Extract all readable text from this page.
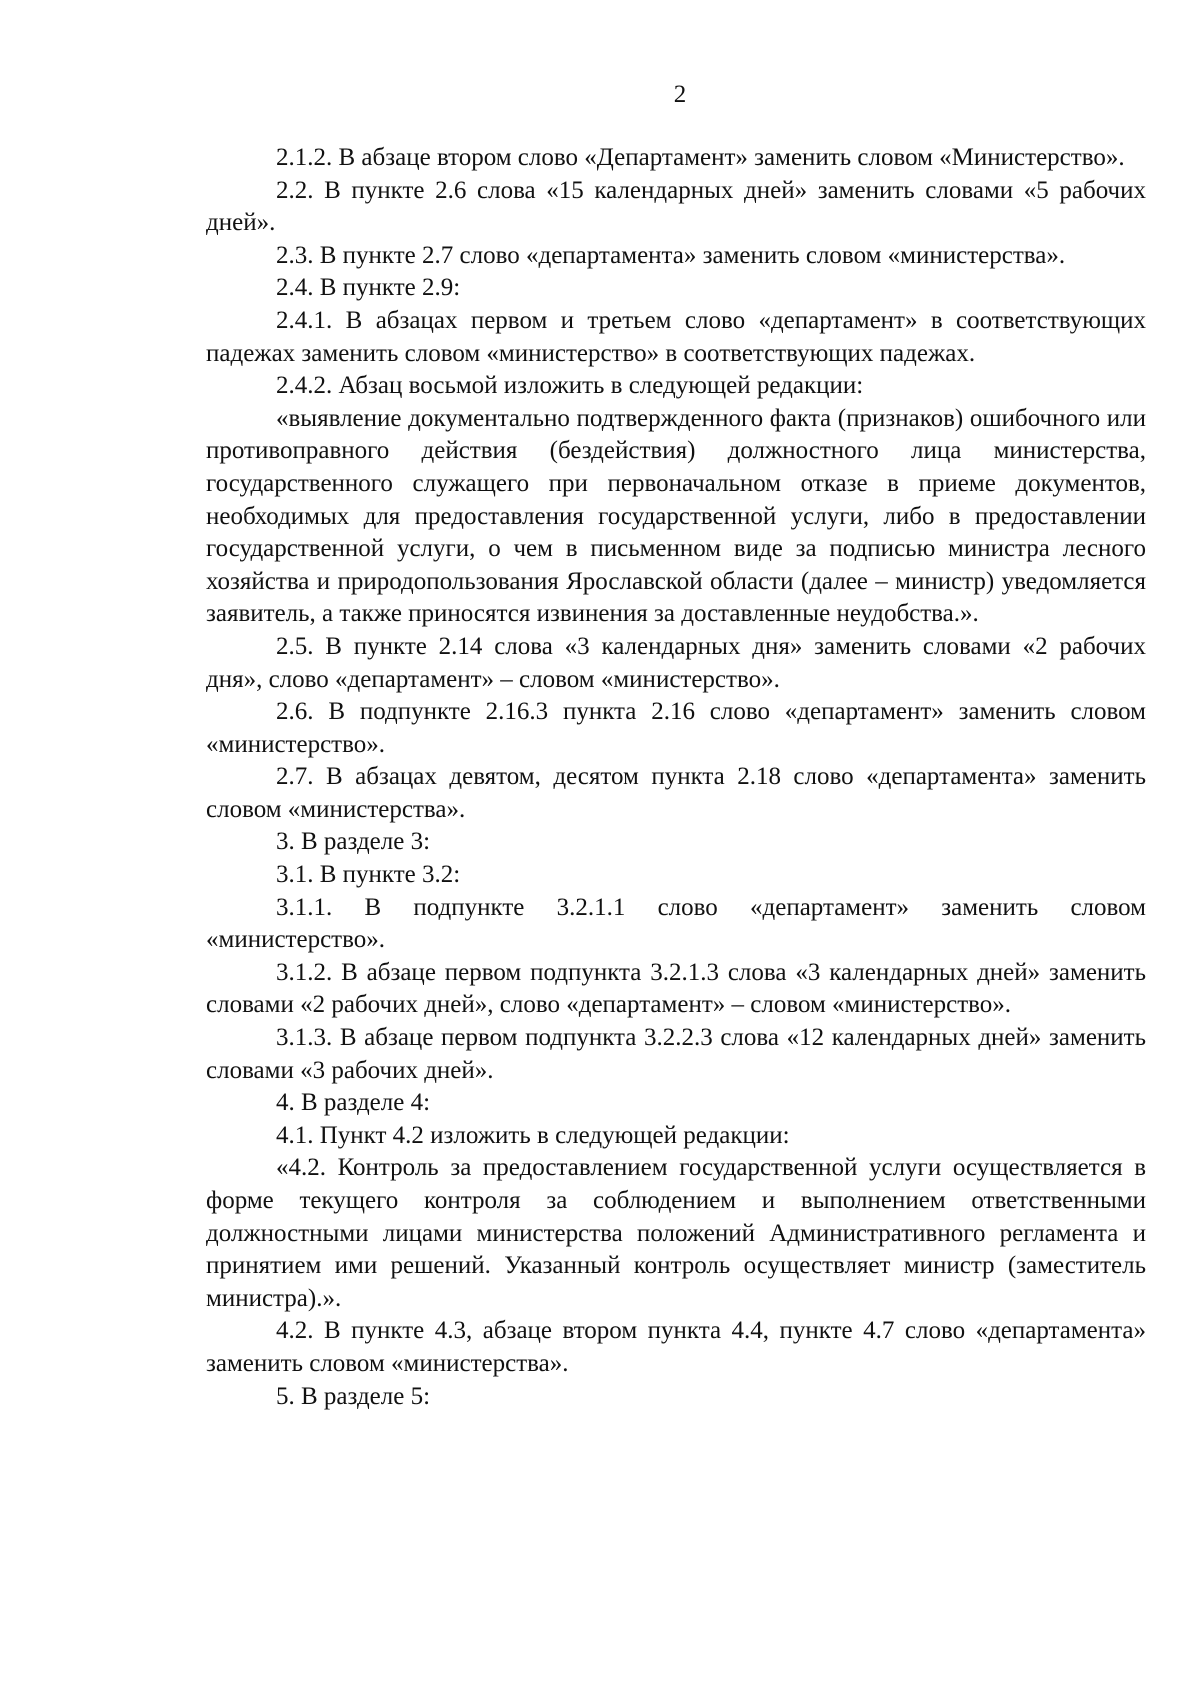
2

2.1.2. В абзаце втором слово «Департамент» заменить словом «Министерство».

2.2. В пункте 2.6 слова «15 календарных дней» заменить словами «5 рабочих дней».

2.3. В пункте 2.7 слово «департамента» заменить словом «министерства».

2.4. В пункте 2.9:

2.4.1. В абзацах первом и третьем слово «департамент» в соответствующих падежах заменить словом «министерство» в соответствующих падежах.

2.4.2. Абзац восьмой изложить в следующей редакции:

«выявление документально подтвержденного факта (признаков) ошибочного или противоправного действия (бездействия) должностного лица министерства, государственного служащего при первоначальном отказе в приеме документов, необходимых для предоставления государственной услуги, либо в предоставлении государственной услуги, о чем в письменном виде за подписью министра лесного хозяйства и природопользования Ярославской области (далее – министр) уведомляется заявитель, а также приносятся извинения за доставленные неудобства.».

2.5. В пункте 2.14 слова «3 календарных дня» заменить словами «2 рабочих дня», слово «департамент» – словом «министерство».

2.6. В подпункте 2.16.3 пункта 2.16 слово «департамент» заменить словом «министерство».

2.7. В абзацах девятом, десятом пункта 2.18 слово «департамента» заменить словом «министерства».

3. В разделе 3:

3.1. В пункте 3.2:

3.1.1. В подпункте 3.2.1.1 слово «департамент» заменить словом «министерство».

3.1.2. В абзаце первом подпункта 3.2.1.3 слова «3 календарных дней» заменить словами «2 рабочих дней», слово «департамент» – словом «министерство».

3.1.3. В абзаце первом подпункта 3.2.2.3 слова «12 календарных дней» заменить словами «3 рабочих дней».

4. В разделе 4:

4.1. Пункт 4.2 изложить в следующей редакции:

«4.2. Контроль за предоставлением государственной услуги осуществляется в форме текущего контроля за соблюдением и выполнением ответственными должностными лицами министерства положений Административного регламента и принятием ими решений. Указанный контроль осуществляет министр (заместитель министра).».

4.2. В пункте 4.3, абзаце втором пункта 4.4, пункте 4.7 слово «департамента» заменить словом «министерства».

5. В разделе 5:
